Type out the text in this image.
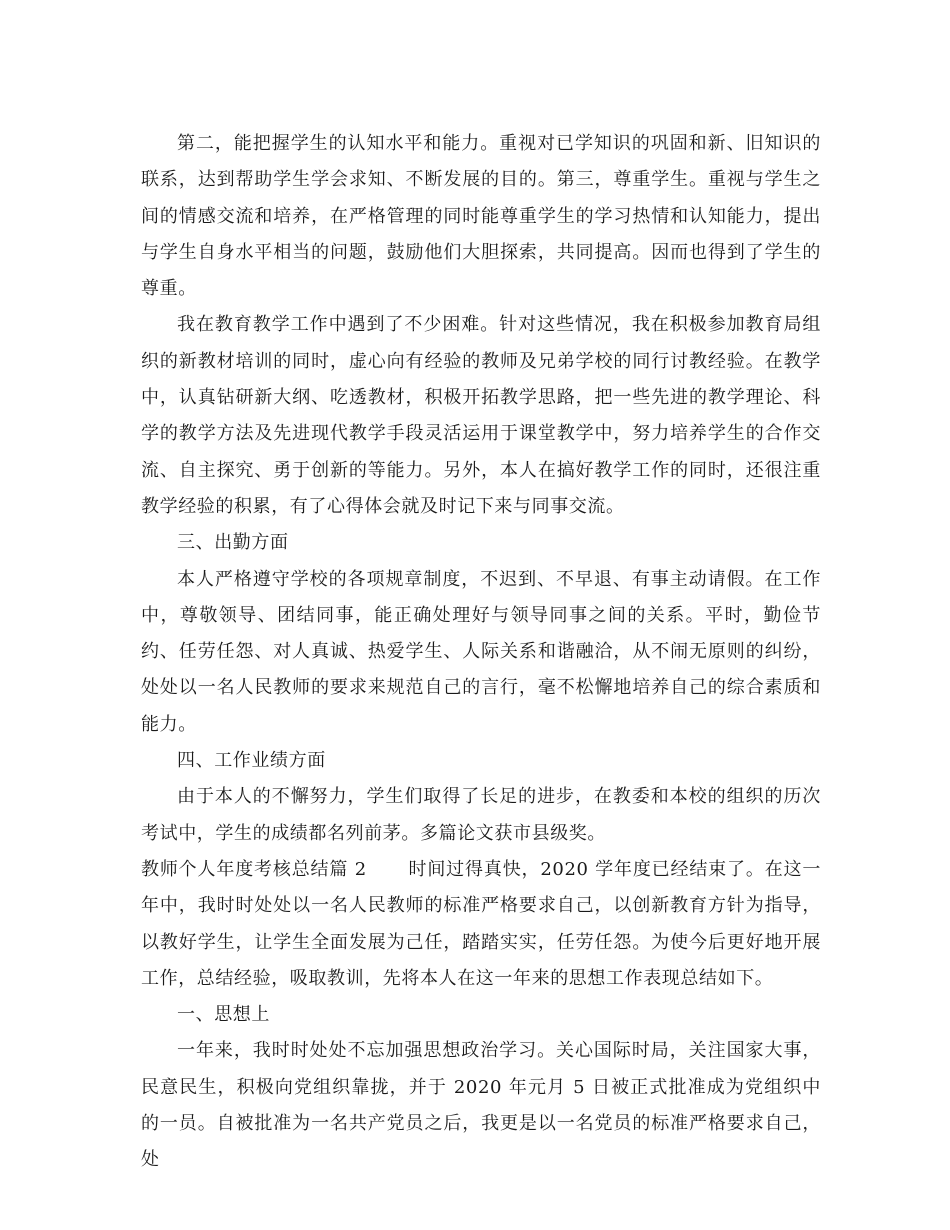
第二，能把握学生的认知水平和能力。重视对已学知识的巩固和新、旧知识的联系，达到帮助学生学会求知、不断发展的目的。第三，尊重学生。重视与学生之间的情感交流和培养，在严格管理的同时能尊重学生的学习热情和认知能力，提出与学生自身水平相当的问题，鼓励他们大胆探索，共同提高。因而也得到了学生的尊重。

我在教育教学工作中遇到了不少困难。针对这些情况，我在积极参加教育局组织的新教材培训的同时，虚心向有经验的教师及兄弟学校的同行讨教经验。在教学中，认真钻研新大纲、吃透教材，积极开拓教学思路，把一些先进的教学理论、科学的教学方法及先进现代教学手段灵活运用于课堂教学中，努力培养学生的合作交流、自主探究、勇于创新的等能力。另外，本人在搞好教学工作的同时，还很注重教学经验的积累，有了心得体会就及时记下来与同事交流。

三、出勤方面

本人严格遵守学校的各项规章制度，不迟到、不早退、有事主动请假。在工作中，尊敬领导、团结同事，能正确处理好与领导同事之间的关系。平时，勤俭节约、任劳任怨、对人真诚、热爱学生、人际关系和谐融洽，从不闹无原则的纠纷，处处以一名人民教师的要求来规范自己的言行，毫不松懈地培养自己的综合素质和能力。

四、工作业绩方面

由于本人的不懈努力，学生们取得了长足的进步，在教委和本校的组织的历次考试中，学生的成绩都名列前茅。多篇论文获市县级奖。

教师个人年度考核总结篇 2 时间过得真快，2020 学年度已经结束了。在这一年中，我时时处处以一名人民教师的标准严格要求自己，以创新教育方针为指导，以教好学生，让学生全面发展为己任，踏踏实实，任劳任怨。为使今后更好地开展工作，总结经验，吸取教训，先将本人在这一年来的思想工作表现总结如下。

一、思想上

一年来，我时时处处不忘加强思想政治学习。关心国际时局，关注国家大事，民意民生，积极向党组织靠拢，并于 2020 年元月 5 日被正式批准成为党组织中的一员。自被批准为一名共产党员之后，我更是以一名党员的标准严格要求自己，处
